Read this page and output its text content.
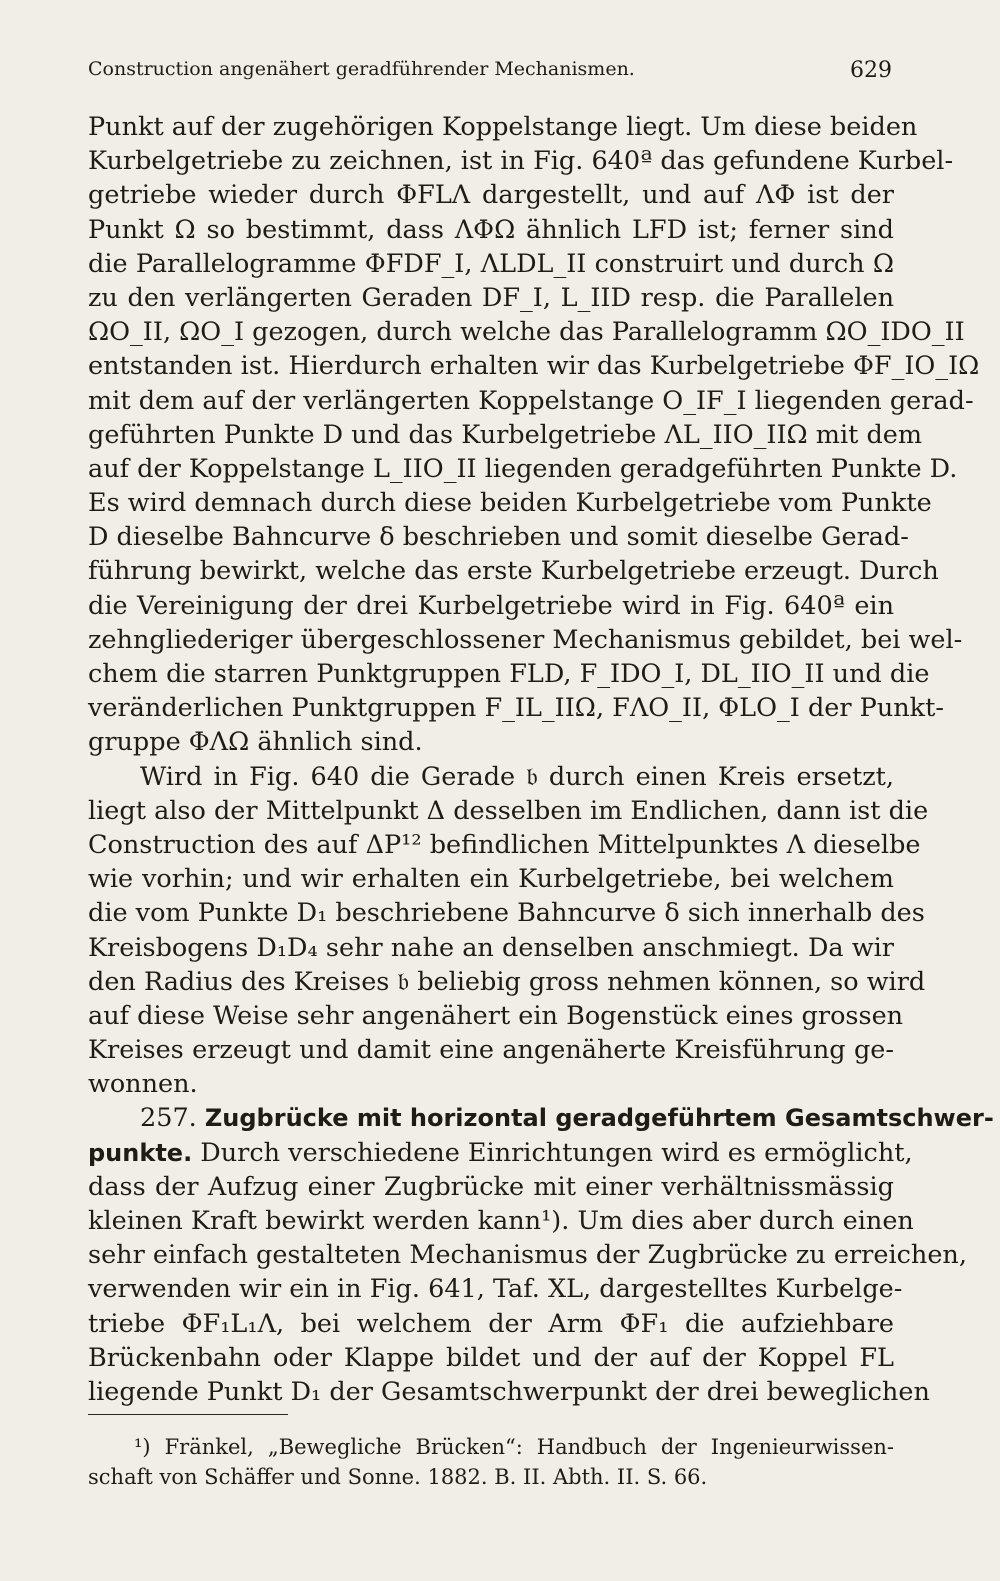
Construction angenähert geradführender Mechanismen.	629
Punkt auf der zugehörigen Koppelstange liegt. Um diese beiden
Kurbelgetriebe zu zeichnen, ist in Fig. 640ª das gefundene Kurbel-
getriebe wieder durch ΦFLΛ dargestellt, und auf ΛΦ ist der
Punkt Ω so bestimmt, dass ΛΦΩ ähnlich LFD ist; ferner sind
die Parallelogramme ΦFDF_I, ΛLDL_II construirt und durch Ω
zu den verlängerten Geraden DF_I, L_IID resp. die Parallelen
ΩO_II, ΩO_I gezogen, durch welche das Parallelogramm ΩO_IDO_II
entstanden ist. Hierdurch erhalten wir das Kurbelgetriebe ΦF_IO_IΩ
mit dem auf der verlängerten Koppelstange O_IF_I liegenden gerad-
geführten Punkte D und das Kurbelgetriebe ΛL_IIO_IIΩ mit dem
auf der Koppelstange L_IIO_II liegenden geradgeführten Punkte D.
Es wird demnach durch diese beiden Kurbelgetriebe vom Punkte
D dieselbe Bahncurve δ beschrieben und somit dieselbe Gerad-
führung bewirkt, welche das erste Kurbelgetriebe erzeugt. Durch
die Vereinigung der drei Kurbelgetriebe wird in Fig. 640ª ein
zehngliederiger übergeschlossener Mechanismus gebildet, bei wel-
chem die starren Punktgruppen FLD, F_IDO_I, DL_IIO_II und die
veränderlichen Punktgruppen F_IL_IIΩ, FΛO_II, ΦLO_I der Punkt-
gruppe ΦΛΩ ähnlich sind.
Wird in Fig. 640 die Gerade 𝔟 durch einen Kreis ersetzt,
liegt also der Mittelpunkt Δ desselben im Endlichen, dann ist die
Construction des auf ΔP¹² befindlichen Mittelpunktes Λ dieselbe
wie vorhin; und wir erhalten ein Kurbelgetriebe, bei welchem
die vom Punkte D₁ beschriebene Bahncurve δ sich innerhalb des
Kreisbogens D₁D₄ sehr nahe an denselben anschmiegt. Da wir
den Radius des Kreises 𝔟 beliebig gross nehmen können, so wird
auf diese Weise sehr angenähert ein Bogenstück eines grossen
Kreises erzeugt und damit eine angenäherte Kreisführung ge-
wonnen.
257. Zugbrücke mit horizontal geradgeführtem Gesamtschwer-
punkte. Durch verschiedene Einrichtungen wird es ermöglicht,
dass der Aufzug einer Zugbrücke mit einer verhältnissmässig
kleinen Kraft bewirkt werden kann¹). Um dies aber durch einen
sehr einfach gestalteten Mechanismus der Zugbrücke zu erreichen,
verwenden wir ein in Fig. 641, Taf. XL, dargestelltes Kurbelge-
triebe ΦF₁L₁Λ, bei welchem der Arm ΦF₁ die aufziehbare
Brückenbahn oder Klappe bildet und der auf der Koppel FL
liegende Punkt D₁ der Gesamtschwerpunkt der drei beweglichen
¹) Fränkel, „Bewegliche Brücken“: Handbuch der Ingenieurwissen-
schaft von Schäffer und Sonne. 1882. B. II. Abth. II. S. 66.
